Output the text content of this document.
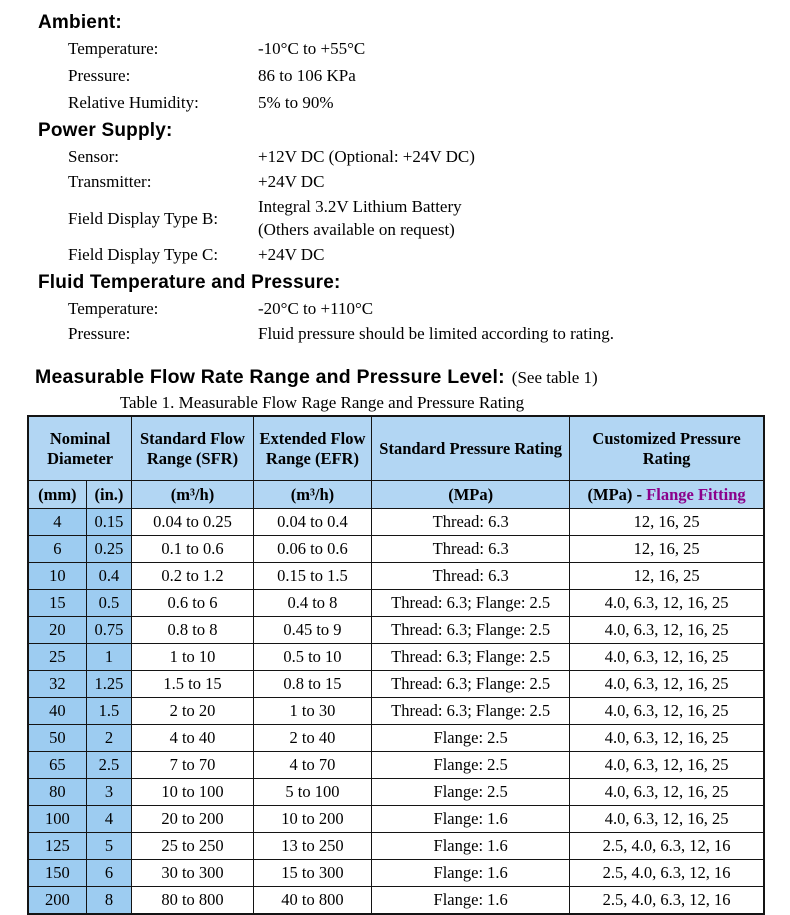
Ambient:
Temperature:	-10°C to +55°C
Pressure:	86 to 106 KPa
Relative Humidity:	5% to 90%
Power Supply:
Sensor:	+12V DC (Optional: +24V DC)
Transmitter:	+24V DC
Field Display Type B:
Integral 3.2V Lithium Battery
(Others available on request)
Field Display Type C:	+24V DC
Fluid Temperature and Pressure:
Temperature:	-20°C to +110°C
Pressure:	Fluid pressure should be limited according to rating.
Measurable Flow Rate Range and Pressure Level: (See table 1)
Table 1. Measurable Flow Rage Range and Pressure Rating
Nominal Diameter		Standard Flow Range (SFR)	Extended Flow Range (EFR)	Standard Pressure Rating	Customized Pressure Rating
(mm)	(in.)	(m³/h)	(m³/h)	(MPa)	(MPa) - Flange Fitting
4	0.15	0.04 to 0.25	0.04 to 0.4	Thread: 6.3	12, 16, 25
6	0.25	0.1 to 0.6	0.06 to 0.6	Thread: 6.3	12, 16, 25
10	0.4	0.2 to 1.2	0.15 to 1.5	Thread: 6.3	12, 16, 25
15	0.5	0.6 to 6	0.4 to 8	Thread: 6.3; Flange: 2.5	4.0, 6.3, 12, 16, 25
20	0.75	0.8 to 8	0.45 to 9	Thread: 6.3; Flange: 2.5	4.0, 6.3, 12, 16, 25
25	1	1 to 10	0.5 to 10	Thread: 6.3; Flange: 2.5	4.0, 6.3, 12, 16, 25
32	1.25	1.5 to 15	0.8 to 15	Thread: 6.3; Flange: 2.5	4.0, 6.3, 12, 16, 25
40	1.5	2 to 20	1 to 30	Thread: 6.3; Flange: 2.5	4.0, 6.3, 12, 16, 25
50	2	4 to 40	2 to 40	Flange: 2.5	4.0, 6.3, 12, 16, 25
65	2.5	7 to 70	4 to 70	Flange: 2.5	4.0, 6.3, 12, 16, 25
80	3	10 to 100	5 to 100	Flange: 2.5	4.0, 6.3, 12, 16, 25
100	4	20 to 200	10 to 200	Flange: 1.6	4.0, 6.3, 12, 16, 25
125	5	25 to 250	13 to 250	Flange: 1.6	2.5, 4.0, 6.3, 12, 16
150	6	30 to 300	15 to 300	Flange: 1.6	2.5, 4.0, 6.3, 12, 16
200	8	80 to 800	40 to 800	Flange: 1.6	2.5, 4.0, 6.3, 12, 16
